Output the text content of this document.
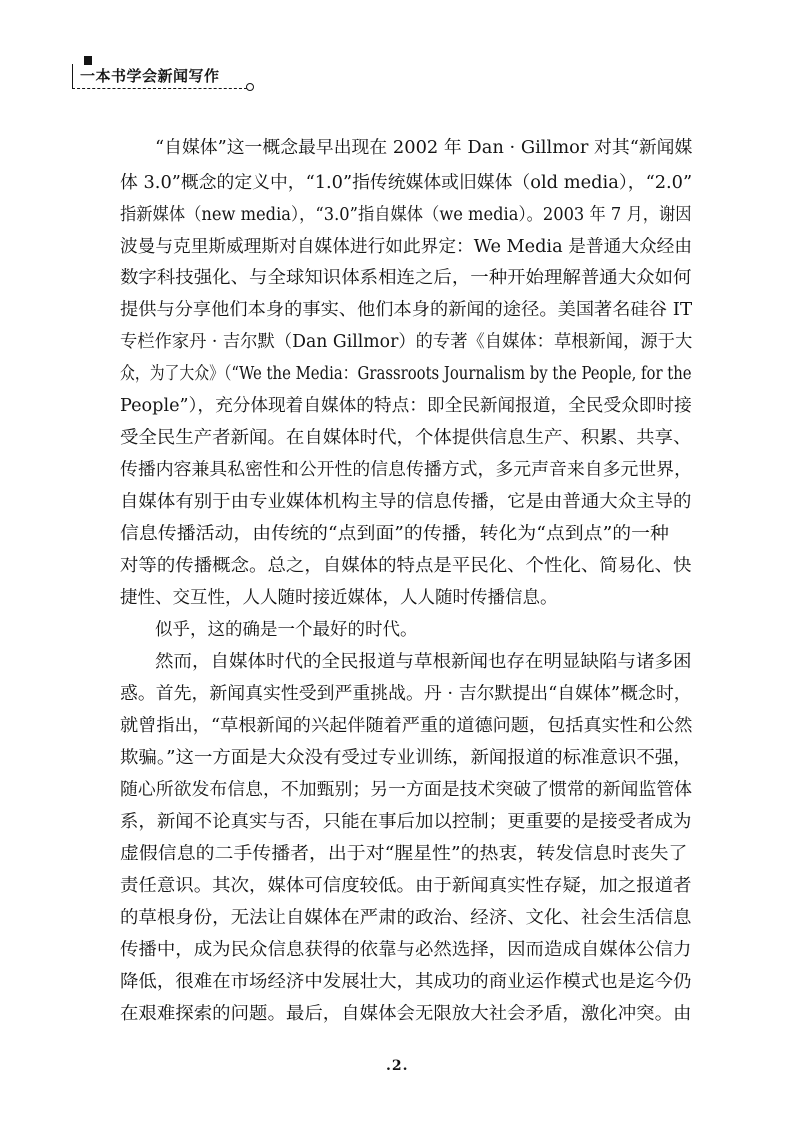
一本书学会新闻写作
“自媒体”这一概念最早出现在 2002 年 Dan · Gillmor 对其“新闻媒
体 3.0”概念的定义中，“1.0”指传统媒体或旧媒体（old media），“2.0”
指新媒体（new media），“3.0”指自媒体（we media）。2003 年 7 月，谢因
波曼与克里斯威理斯对自媒体进行如此界定：We Media 是普通大众经由
数字科技强化、与全球知识体系相连之后，一种开始理解普通大众如何
提供与分享他们本身的事实、他们本身的新闻的途径。美国著名硅谷 IT
专栏作家丹 · 吉尔默（Dan Gillmor）的专著《自媒体：草根新闻，源于大
众，为了大众》（“We the Media：Grassroots Journalism by the People, for the
People”），充分体现着自媒体的特点：即全民新闻报道，全民受众即时接
受全民生产者新闻。在自媒体时代，个体提供信息生产、积累、共享、
传播内容兼具私密性和公开性的信息传播方式，多元声音来自多元世界，
自媒体有别于由专业媒体机构主导的信息传播，它是由普通大众主导的
信息传播活动，由传统的“点到面”的传播，转化为“点到点”的一种
对等的传播概念。总之，自媒体的特点是平民化、个性化、简易化、快
捷性、交互性，人人随时接近媒体，人人随时传播信息。
似乎，这的确是一个最好的时代。
然而，自媒体时代的全民报道与草根新闻也存在明显缺陷与诸多困
惑。首先，新闻真实性受到严重挑战。丹 · 吉尔默提出“自媒体”概念时，
就曾指出，“草根新闻的兴起伴随着严重的道德问题，包括真实性和公然
欺骗。”这一方面是大众没有受过专业训练，新闻报道的标准意识不强，
随心所欲发布信息，不加甄别；另一方面是技术突破了惯常的新闻监管体
系，新闻不论真实与否，只能在事后加以控制；更重要的是接受者成为
虚假信息的二手传播者，出于对“腥星性”的热衷，转发信息时丧失了
责任意识。其次，媒体可信度较低。由于新闻真实性存疑，加之报道者
的草根身份，无法让自媒体在严肃的政治、经济、文化、社会生活信息
传播中，成为民众信息获得的依靠与必然选择，因而造成自媒体公信力
降低，很难在市场经济中发展壮大，其成功的商业运作模式也是迄今仍
在艰难探索的问题。最后，自媒体会无限放大社会矛盾，激化冲突。由
.2.
